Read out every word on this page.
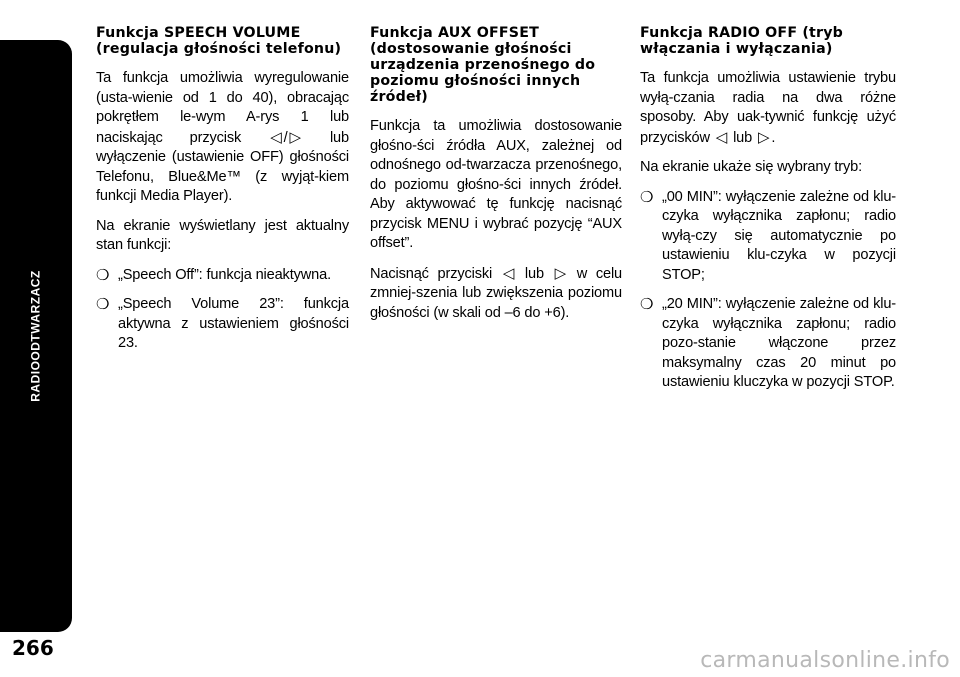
RADIOODTWARZACZ
266
Funkcja SPEECH VOLUME (regulacja głośności telefonu)

Ta funkcja umożliwia wyregulowanie (usta-wienie od 1 do 40), obracając pokrętłem le-wym A-rys 1 lub naciskając przycisk ◁ / ▷ lub wyłączenie (ustawienie OFF) głośności Telefonu, Blue&Me™ (z wyjąt-kiem funkcji Media Player).

Na ekranie wyświetlany jest aktualny stan funkcji:

❍ „Speech Off”: funkcja nieaktywna.
❍ „Speech Volume 23”: funkcja aktywna z ustawieniem głośności 23.
Funkcja AUX OFFSET (dostosowanie głośności urządzenia przenośnego do poziomu głośności innych źródeł)

Funkcja ta umożliwia dostosowanie głośno-ści źródła AUX, zależnej od odnośnego od-twarzacza przenośnego, do poziomu głośno-ści innych źródeł. Aby aktywować tę funkcję nacisnąć przycisk MENU i wybrać pozycję “AUX offset”.

Nacisnąć przyciski ◁ lub ▷ w celu zmniej-szenia lub zwiększenia poziomu głośności (w skali od –6 do +6).

Funkcja RADIO OFF (tryb włączania i wyłączania)

Ta funkcja umożliwia ustawienie trybu wyłą-czania radia na dwa różne sposoby. Aby uak-tywnić funkcję użyć przycisków ◁ lub ▷ .

Na ekranie ukaże się wybrany tryb:

❍ „00 MIN”: wyłączenie zależne od klu-czyka wyłącznika zapłonu; radio wyłą-czy się automatycznie po ustawieniu klu-czyka w pozycji STOP;
❍ „20 MIN”: wyłączenie zależne od klu-czyka wyłącznika zapłonu; radio pozo-stanie włączone przez maksymalny czas 20 minut po ustawieniu kluczyka w pozycji STOP.
carmanualsonline.info
